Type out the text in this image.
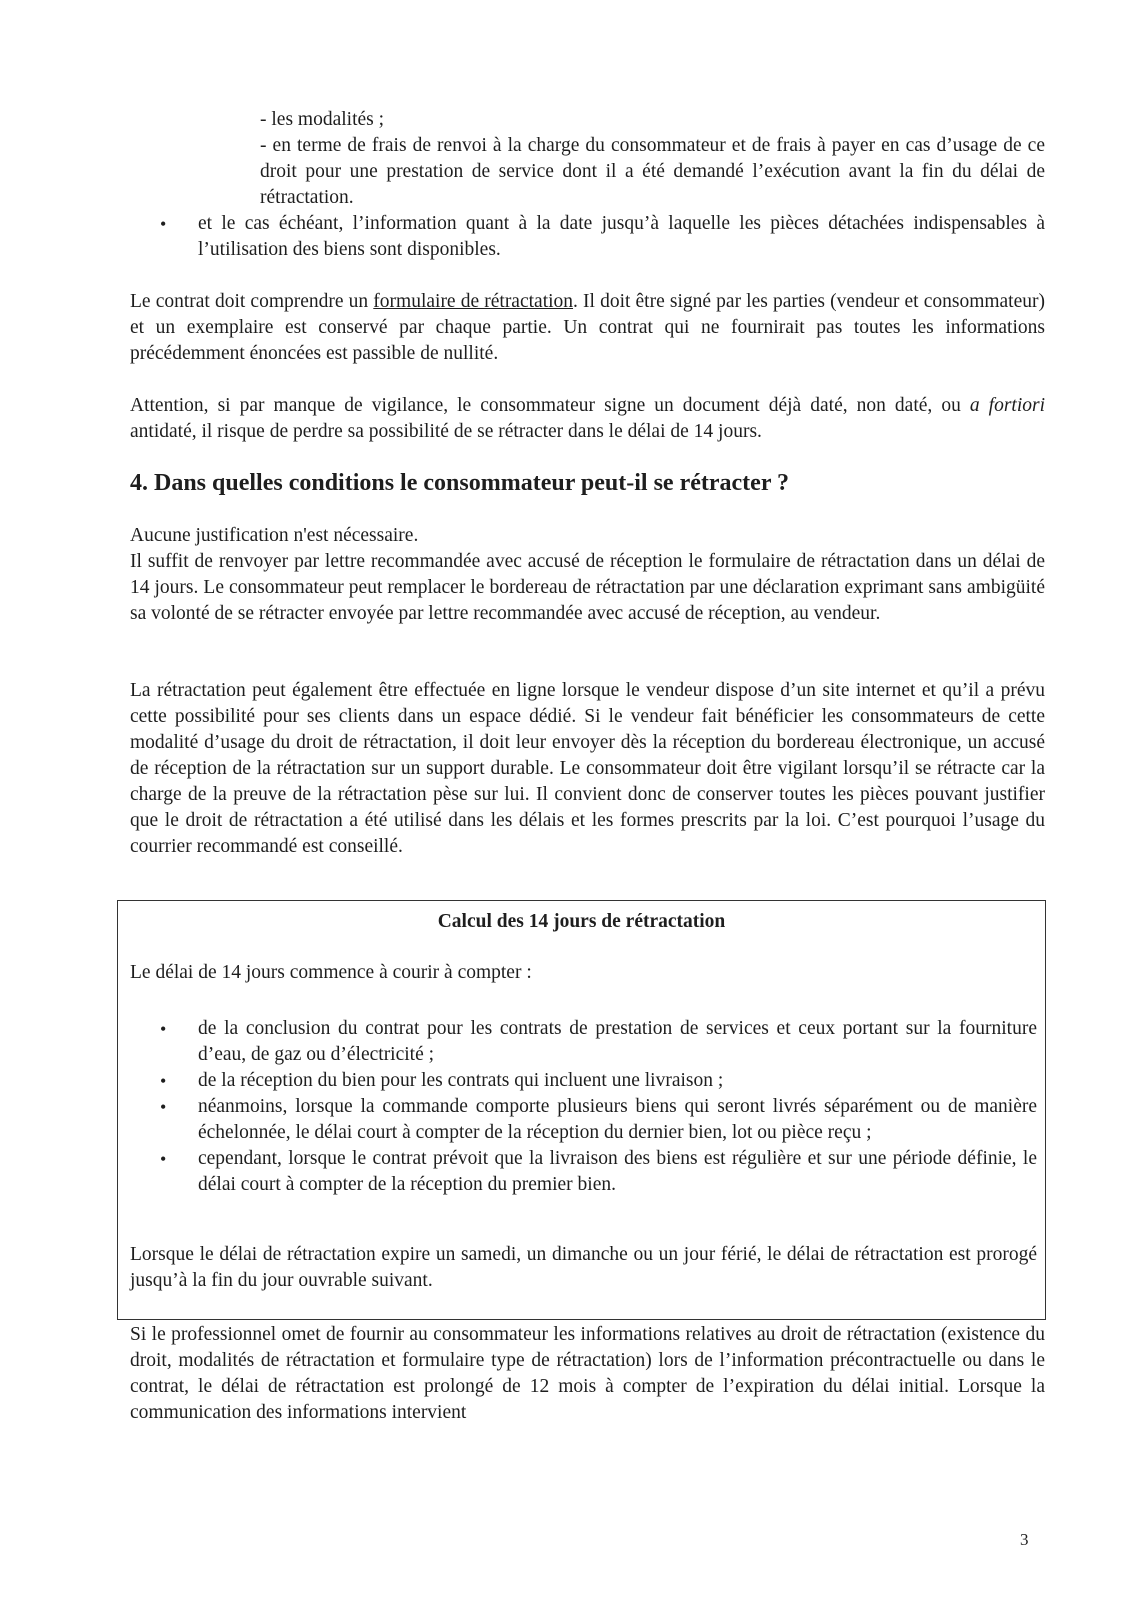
- les modalités ;
- en terme de frais de renvoi à la charge du consommateur et de frais à payer en cas d’usage de ce droit pour une prestation de service dont il a été demandé l’exécution avant la fin du délai de rétractation.
• et le cas échéant, l’information quant à la date jusqu’à laquelle les pièces détachées indispensables à l’utilisation des biens sont disponibles.

Le contrat doit comprendre un formulaire de rétractation. Il doit être signé par les parties (vendeur et consommateur) et un exemplaire est conservé par chaque partie. Un contrat qui ne fournirait pas toutes les informations précédemment énoncées est passible de nullité.

Attention, si par manque de vigilance, le consommateur signe un document déjà daté, non daté, ou a fortiori antidaté, il risque de perdre sa possibilité de se rétracter dans le délai de 14 jours.

4. Dans quelles conditions le consommateur peut-il se rétracter ?

Aucune justification n'est nécessaire.

Il suffit de renvoyer par lettre recommandée avec accusé de réception le formulaire de rétractation dans un délai de 14 jours. Le consommateur peut remplacer le bordereau de rétractation par une déclaration exprimant sans ambigüité sa volonté de se rétracter envoyée par lettre recommandée avec accusé de réception, au vendeur.

La rétractation peut également être effectuée en ligne lorsque le vendeur dispose d’un site internet et qu’il a prévu cette possibilité pour ses clients dans un espace dédié. Si le vendeur fait bénéficier les consommateurs de cette modalité d’usage du droit de rétractation, il doit leur envoyer dès la réception du bordereau électronique, un accusé de réception de la rétractation sur un support durable. Le consommateur doit être vigilant lorsqu’il se rétracte car la charge de la preuve de la rétractation pèse sur lui. Il convient donc de conserver toutes les pièces pouvant justifier que le droit de rétractation a été utilisé dans les délais et les formes prescrits par la loi. C’est pourquoi l’usage du courrier recommandé est conseillé.

Calcul des 14 jours de rétractation

Le délai de 14 jours commence à courir à compter :

• de la conclusion du contrat pour les contrats de prestation de services et ceux portant sur la fourniture d’eau, de gaz ou d’électricité ;
• de la réception du bien pour les contrats qui incluent une livraison ;
• néanmoins, lorsque la commande comporte plusieurs biens qui seront livrés séparément ou de manière échelonnée, le délai court à compter de la réception du dernier bien, lot ou pièce reçu ;
• cependant, lorsque le contrat prévoit que la livraison des biens est régulière et sur une période définie, le délai court à compter de la réception du premier bien.

Lorsque le délai de rétractation expire un samedi, un dimanche ou un jour férié, le délai de rétractation est prorogé jusqu’à la fin du jour ouvrable suivant.

Si le professionnel omet de fournir au consommateur les informations relatives au droit de rétractation (existence du droit, modalités de rétractation et formulaire type de rétractation) lors de l’information précontractuelle ou dans le contrat, le délai de rétractation est prolongé de 12 mois à compter de l’expiration du délai initial. Lorsque la communication des informations intervient

3
